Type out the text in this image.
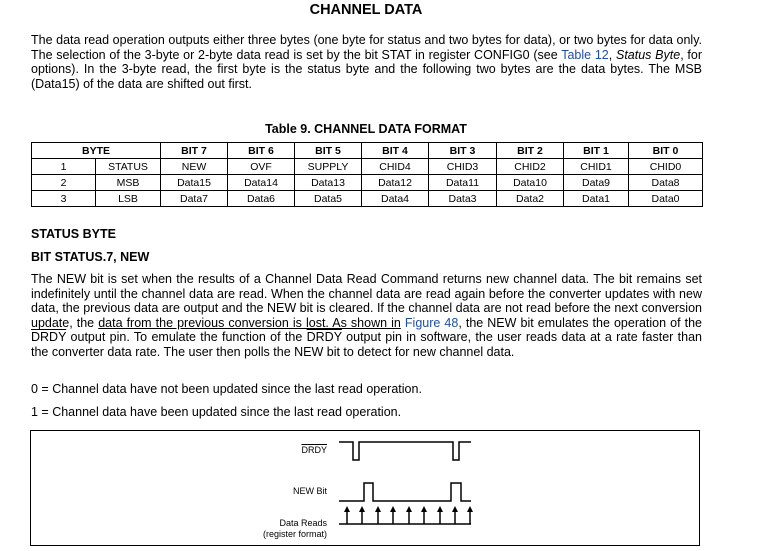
CHANNEL DATA

The data read operation outputs either three bytes (one byte for status and two bytes for data), or two bytes for data only. The selection of the 3-byte or 2-byte data read is set by the bit STAT in register CONFIG0 (see Table 12, Status Byte, for options). In the 3-byte read, the first byte is the status byte and the following two bytes are the data bytes. The MSB (Data15) of the data are shifted out first.

Table 9. CHANNEL DATA FORMAT
BYTE		BIT 7	BIT 6	BIT 5	BIT 4	BIT 3	BIT 2	BIT 1	BIT 0
1	STATUS	NEW	OVF	SUPPLY	CHID4	CHID3	CHID2	CHID1	CHID0
2	MSB	Data15	Data14	Data13	Data12	Data11	Data10	Data9	Data8
3	LSB	Data7	Data6	Data5	Data4	Data3	Data2	Data1	Data0
STATUS BYTE
BIT STATUS.7, NEW

The NEW bit is set when the results of a Channel Data Read Command returns new channel data. The bit remains set indefinitely until the channel data are read. When the channel data are read again before the converter updates with new data, the previous data are output and the NEW bit is cleared. If the channel data are not read before the next conversion update, the data from the previous conversion is lost. As shown in Figure 48, the NEW bit emulates the operation of the DRDY output pin. To emulate the function of the DRDY output pin in software, the user reads data at a rate faster than the converter data rate. The user then polls the NEW bit to detect for new channel data.

0 = Channel data have not been updated since the last read operation.
1 = Channel data have been updated since the last read operation.
DRDY
NEW Bit
Data Reads
(register format)
